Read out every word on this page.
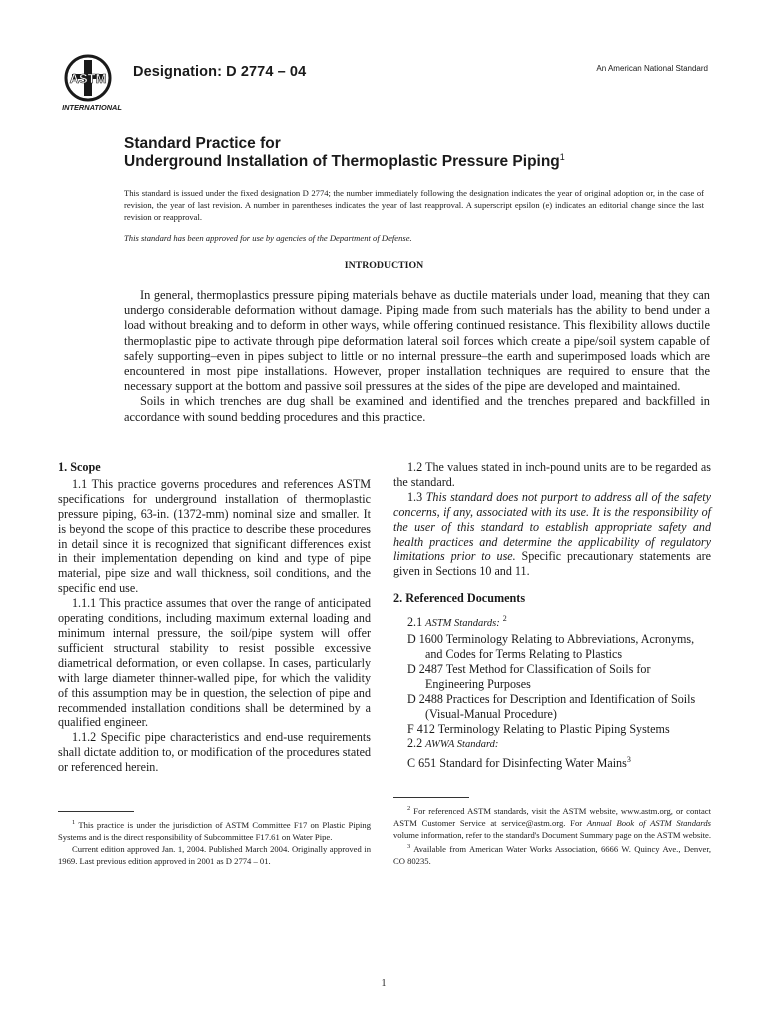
ASTM
INTERNATIONAL
Designation: D 2774 – 04	An American National Standard
Standard Practice for
Underground Installation of Thermoplastic Pressure Piping$^1$
This standard is issued under the fixed designation D 2774; the number immediately following the designation indicates the year of original adoption or, in the case of revision, the year of last revision. A number in parentheses indicates the year of last reapproval. A superscript epsilon (e) indicates an editorial change since the last revision or reapproval.
This standard has been approved for use by agencies of the Department of Defense.
INTRODUCTION

In general, thermoplastics pressure piping materials behave as ductile materials under load, meaning that they can undergo considerable deformation without damage. Piping made from such materials has the ability to bend under a load without breaking and to deform in other ways, while offering continued resistance. This flexibility allows ductile thermoplastic pipe to activate through pipe deformation lateral soil forces which create a pipe/soil system capable of safely supporting–even in pipes subject to little or no internal pressure–the earth and superimposed loads which are encountered in most pipe installations. However, proper installation techniques are required to ensure that the necessary support at the bottom and passive soil pressures at the sides of the pipe are developed and maintained.

Soils in which trenches are dug shall be examined and identified and the trenches prepared and backfilled in accordance with sound bedding procedures and this practice.

1. Scope

1.1 This practice governs procedures and references ASTM specifications for underground installation of thermoplastic pressure piping, 63-in. (1372-mm) nominal size and smaller. It is beyond the scope of this practice to describe these procedures in detail since it is recognized that significant differences exist in their implementation depending on kind and type of pipe material, pipe size and wall thickness, soil conditions, and the specific end use.

1.1.1 This practice assumes that over the range of anticipated operating conditions, including maximum external loading and minimum internal pressure, the soil/pipe system will offer sufficient structural stability to resist possible excessive diametrical deformation, or even collapse. In cases, particularly with large diameter thinner-walled pipe, for which the validity of this assumption may be in question, the selection of pipe and recommended installation conditions shall be determined by a qualified engineer.

1.1.2 Specific pipe characteristics and end-use requirements shall dictate addition to, or modification of the procedures stated or referenced herein.

1.2 The values stated in inch-pound units are to be regarded as the standard.

1.3 This standard does not purport to address all of the safety concerns, if any, associated with its use. It is the responsibility of the user of this standard to establish appropriate safety and health practices and determine the applicability of regulatory limitations prior to use. Specific precautionary statements are given in Sections 10 and 11.

2. Referenced Documents
2.1 ASTM Standards: $^2$
D 1600 Terminology Relating to Abbreviations, Acronyms, and Codes for Terms Relating to Plastics
D 2487 Test Method for Classification of Soils for Engineering Purposes
D 2488 Practices for Description and Identification of Soils (Visual-Manual Procedure)
F 412 Terminology Relating to Plastic Piping Systems
2.2 AWWA Standard:
C 651 Standard for Disinfecting Water Mains$^3$

$^1$ This practice is under the jurisdiction of ASTM Committee F17 on Plastic Piping Systems and is the direct responsibility of Subcommittee F17.61 on Water Pipe.

Current edition approved Jan. 1, 2004. Published March 2004. Originally approved in 1969. Last previous edition approved in 2001 as D 2774 – 01.

$^2$ For referenced ASTM standards, visit the ASTM website, www.astm.org, or contact ASTM Customer Service at service@astm.org. For Annual Book of ASTM Standards volume information, refer to the standard's Document Summary page on the ASTM website.

$^3$ Available from American Water Works Association, 6666 W. Quincy Ave., Denver, CO 80235.

1
